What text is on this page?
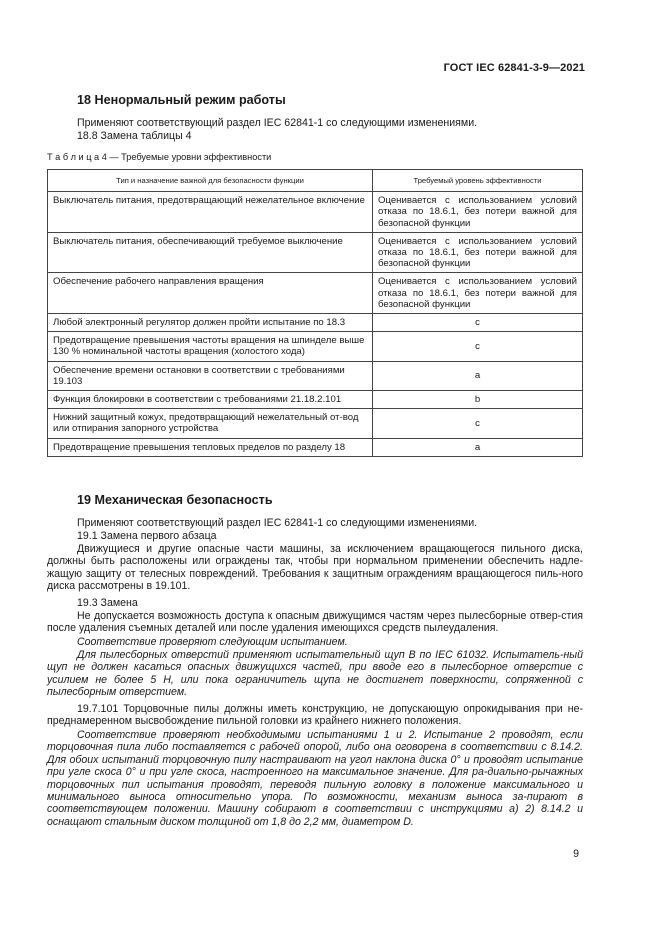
ГОСТ IEC 62841-3-9—2021
18 Ненормальный режим работы
Применяют соответствующий раздел IEC 62841-1 со следующими изменениями.
18.8 Замена таблицы 4
Т а б л и ц а 4 — Требуемые уровни эффективности
Тип и назначение важной для безопасности функции	Требуемый уровень эффективности
Выключатель питания, предотвращающий нежелательное включение	Оценивается с использованием условий отказа по 18.6.1, без потери важной для безопасной функции
Выключатель питания, обеспечивающий требуемое выключение	Оценивается с использованием условий отказа по 18.6.1, без потери важной для безопасной функции
Обеспечение рабочего направления вращения	Оценивается с использованием условий отказа по 18.6.1, без потери важной для безопасной функции
Любой электронный регулятор должен пройти испытание по 18.3	c
Предотвращение превышения частоты вращения на шпинделе выше 130 % номинальной частоты вращения (холостого хода)	c
Обеспечение времени остановки в соответствии с требованиями 19.103	a
Функция блокировки в соответствии с требованиями 21.18.2.101	b
Нижний защитный кожух, предотвращающий нежелательный от-вод или отпирания запорного устройства	c
Предотвращение превышения тепловых пределов по разделу 18	a
19 Механическая безопасность
Применяют соответствующий раздел IEC 62841-1 со следующими изменениями.
19.1 Замена первого абзаца
Движущиеся и другие опасные части машины, за исключением вращающегося пильного диска, должны быть расположены или ограждены так, чтобы при нормальном применении обеспечить надле-жащую защиту от телесных повреждений. Требования к защитным ограждениям вращающегося пиль-ного диска рассмотрены в 19.101.
19.3 Замена
Не допускается возможность доступа к опасным движущимся частям через пылесборные отвер-стия после удаления съемных деталей или после удаления имеющихся средств пылеудаления.
Соответствие проверяют следующим испытанием.
Для пылесборных отверстий применяют испытательный щуп B по IEC 61032. Испытатель-ный щуп не должен касаться опасных движущихся частей, при вводе его в пылесборное отверстие с усилием не более 5 Н, или пока ограничитель щупа не достигнет поверхности, сопряженной с пылесборным отверстием.
19.7.101 Торцовочные пилы должны иметь конструкцию, не допускающую опрокидывания при не-преднамеренном высвобождение пильной головки из крайнего нижнего положения.
Соответствие проверяют необходимыми испытаниями 1 и 2. Испытание 2 проводят, если торцовочная пила либо поставляется с рабочей опорой, либо она оговорена в соответствии с 8.14.2. Для обоих испытаний торцовочную пилу настраивают на угол наклона диска 0° и проводят испытание при угле скоса 0° и при угле скоса, настроенного на максимальное значение. Для ра-диально-рычажных торцовочных пил испытания проводят, переводя пильную головку в положение максимального и минимального выноса относительно упора. По возможности, механизм выноса за-пирают в соответствующем положении. Машину собирают в соответствии с инструкциями а) 2) 8.14.2 и оснащают стальным диском толщиной от 1,8 до 2,2 мм, диаметром D.
9
